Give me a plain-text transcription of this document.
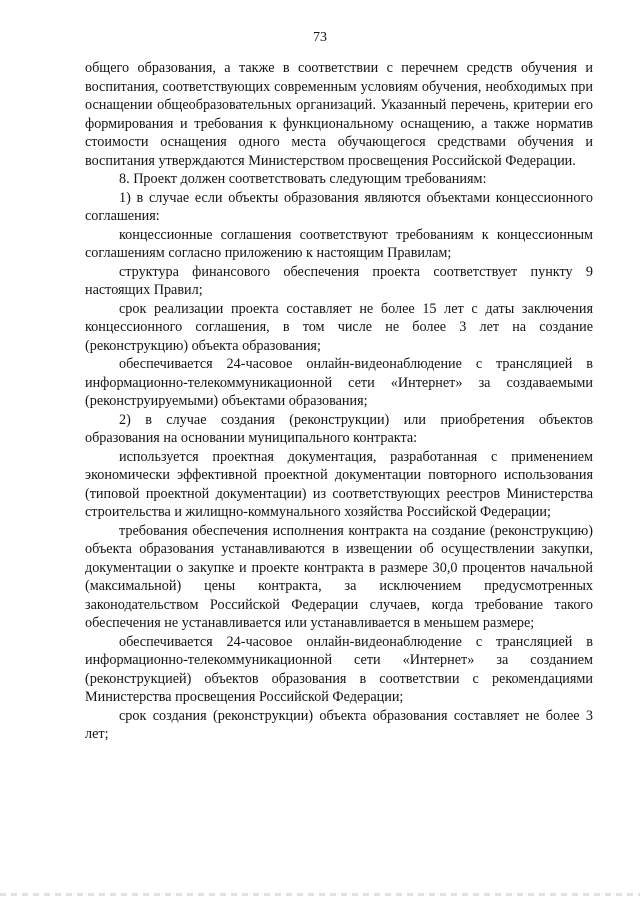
73

общего образования, а также в соответствии с перечнем средств обучения и воспитания, соответствующих современным условиям обучения, необходимых при оснащении общеобразовательных организаций. Указанный перечень, критерии его формирования и требования к функциональному оснащению, а также норматив стоимости оснащения одного места обучающегося средствами обучения и воспитания утверждаются Министерством просвещения Российской Федерации.

8. Проект должен соответствовать следующим требованиям:

1) в случае если объекты образования являются объектами концессионного соглашения:

концессионные соглашения соответствуют требованиям к концессионным соглашениям согласно приложению к настоящим Правилам;

структура финансового обеспечения проекта соответствует пункту 9 настоящих Правил;

срок реализации проекта составляет не более 15 лет с даты заключения концессионного соглашения, в том числе не более 3 лет на создание (реконструкцию) объекта образования;

обеспечивается 24-часовое онлайн-видеонаблюдение с трансляцией в информационно-телекоммуникационной сети «Интернет» за создаваемыми (реконструируемыми) объектами образования;

2) в случае создания (реконструкции) или приобретения объектов образования на основании муниципального контракта:

используется проектная документация, разработанная с применением экономически эффективной проектной документации повторного использования (типовой проектной документации) из соответствующих реестров Министерства строительства и жилищно-коммунального хозяйства Российской Федерации;

требования обеспечения исполнения контракта на создание (реконструкцию) объекта образования устанавливаются в извещении об осуществлении закупки, документации о закупке и проекте контракта в размере 30,0 процентов начальной (максимальной) цены контракта, за исключением предусмотренных законодательством Российской Федерации случаев, когда требование такого обеспечения не устанавливается или устанавливается в меньшем размере;

обеспечивается 24-часовое онлайн-видеонаблюдение с трансляцией в информационно-телекоммуникационной сети «Интернет» за созданием (реконструкцией) объектов образования в соответствии с рекомендациями Министерства просвещения Российской Федерации;

срок создания (реконструкции) объекта образования составляет не более 3 лет;
